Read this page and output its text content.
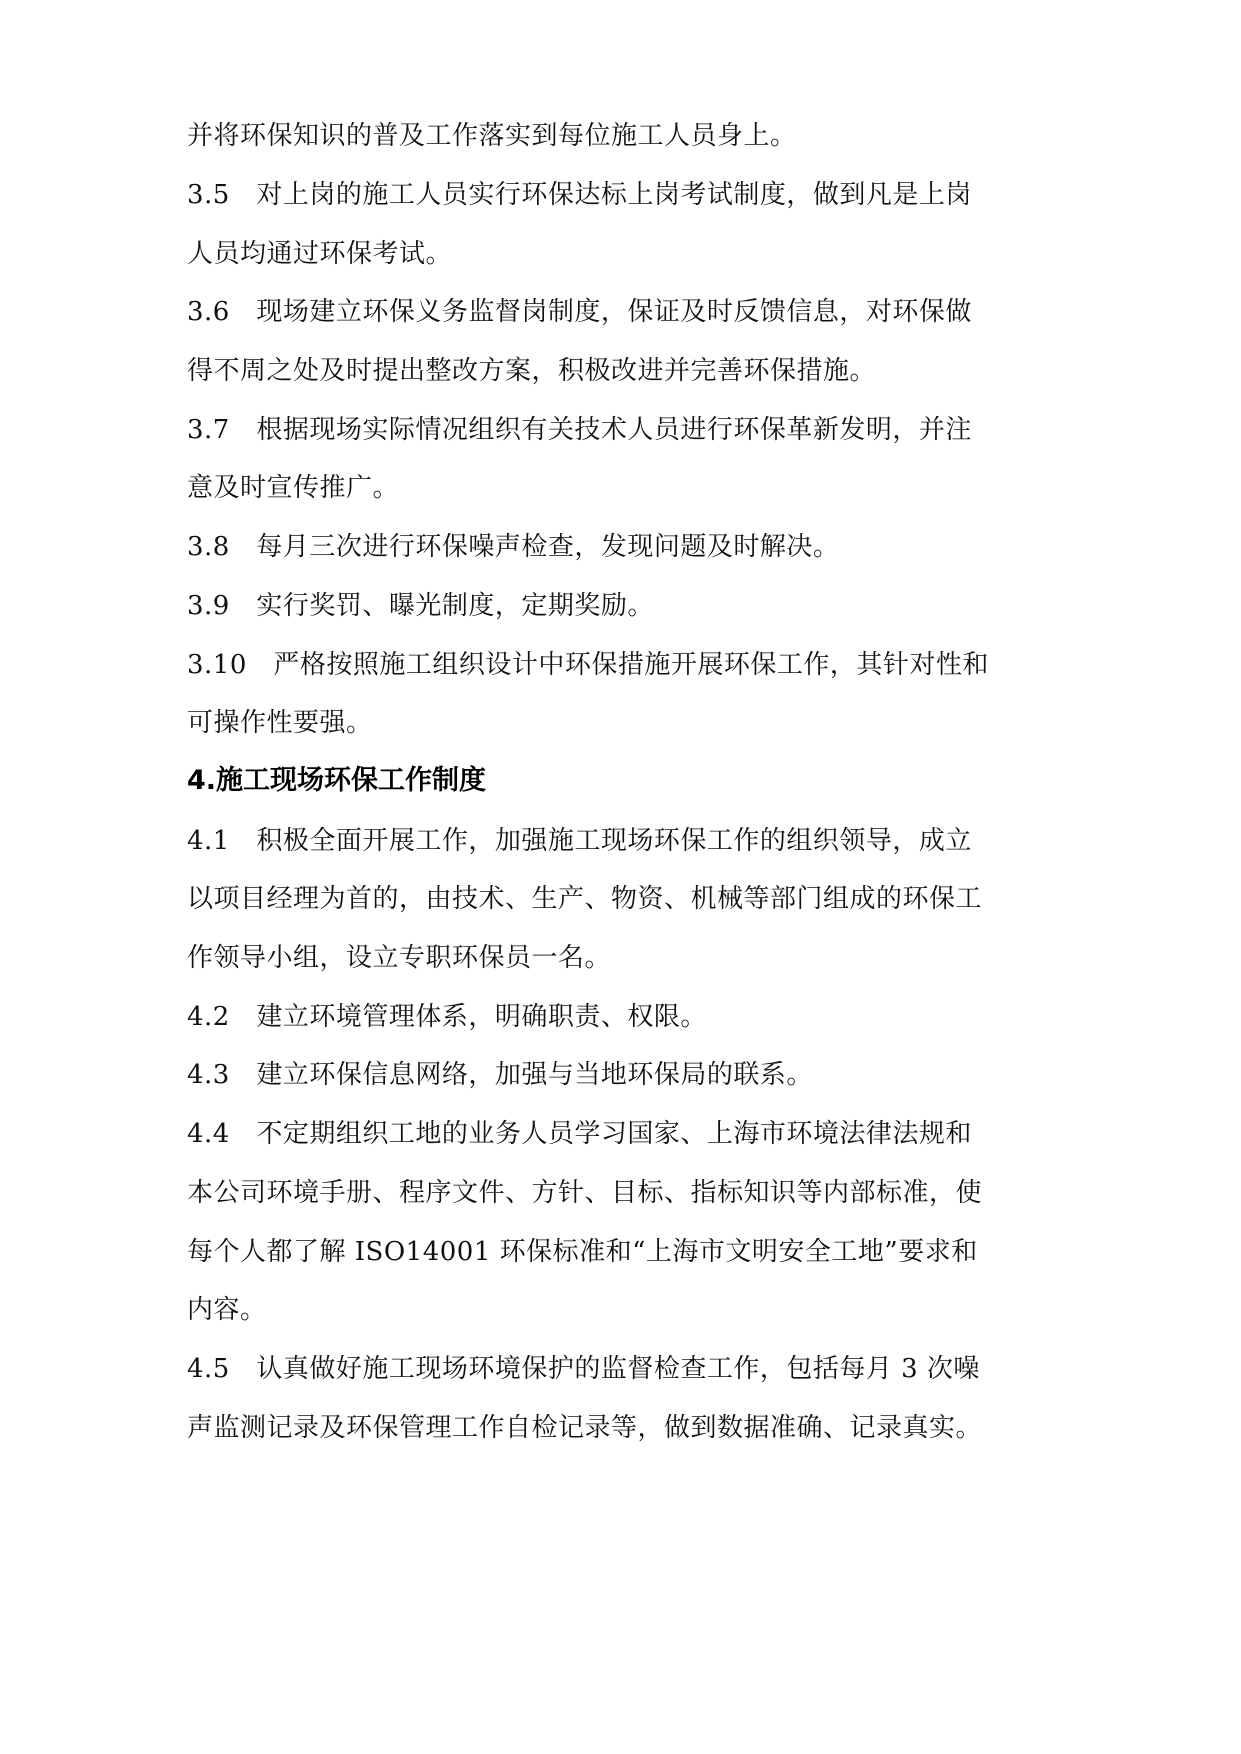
并将环保知识的普及工作落实到每位施工人员身上。
3.5　对上岗的施工人员实行环保达标上岗考试制度，做到凡是上岗
人员均通过环保考试。
3.6　现场建立环保义务监督岗制度，保证及时反馈信息，对环保做
得不周之处及时提出整改方案，积极改进并完善环保措施。
3.7　根据现场实际情况组织有关技术人员进行环保革新发明，并注
意及时宣传推广。
3.8　每月三次进行环保噪声检查，发现问题及时解决。
3.9　实行奖罚、曝光制度，定期奖励。
3.10　严格按照施工组织设计中环保措施开展环保工作，其针对性和
可操作性要强。
4.施工现场环保工作制度
4.1　积极全面开展工作，加强施工现场环保工作的组织领导，成立
以项目经理为首的，由技术、生产、物资、机械等部门组成的环保工
作领导小组，设立专职环保员一名。
4.2　建立环境管理体系，明确职责、权限。
4.3　建立环保信息网络，加强与当地环保局的联系。
4.4　不定期组织工地的业务人员学习国家、上海市环境法律法规和
本公司环境手册、程序文件、方针、目标、指标知识等内部标准，使
每个人都了解 ISO14001 环保标准和“上海市文明安全工地”要求和
内容。
4.5　认真做好施工现场环境保护的监督检查工作，包括每月 3 次噪
声监测记录及环保管理工作自检记录等，做到数据准确、记录真实。
